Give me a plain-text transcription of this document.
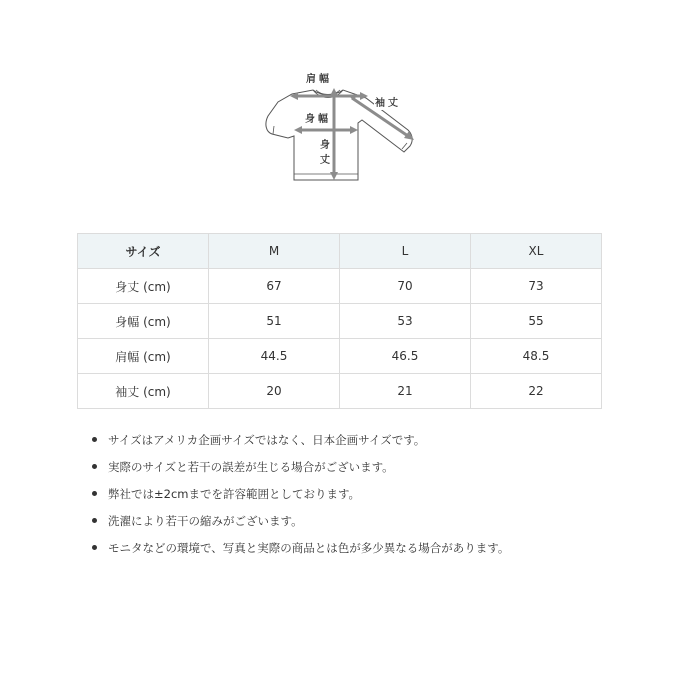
肩幅
袖丈
身幅
身
丈
サイズ	M	L	XL
身丈 (cm)	67	70	73
身幅 (cm)	51	53	55
肩幅 (cm)	44.5	46.5	48.5
袖丈 (cm)	20	21	22
サイズはアメリカ企画サイズではなく、日本企画サイズです。
実際のサイズと若干の誤差が生じる場合がございます。
弊社では±2cmまでを許容範囲としております。
洗濯により若干の縮みがございます。
モニタなどの環境で、写真と実際の商品とは色が多少異なる場合があります。
